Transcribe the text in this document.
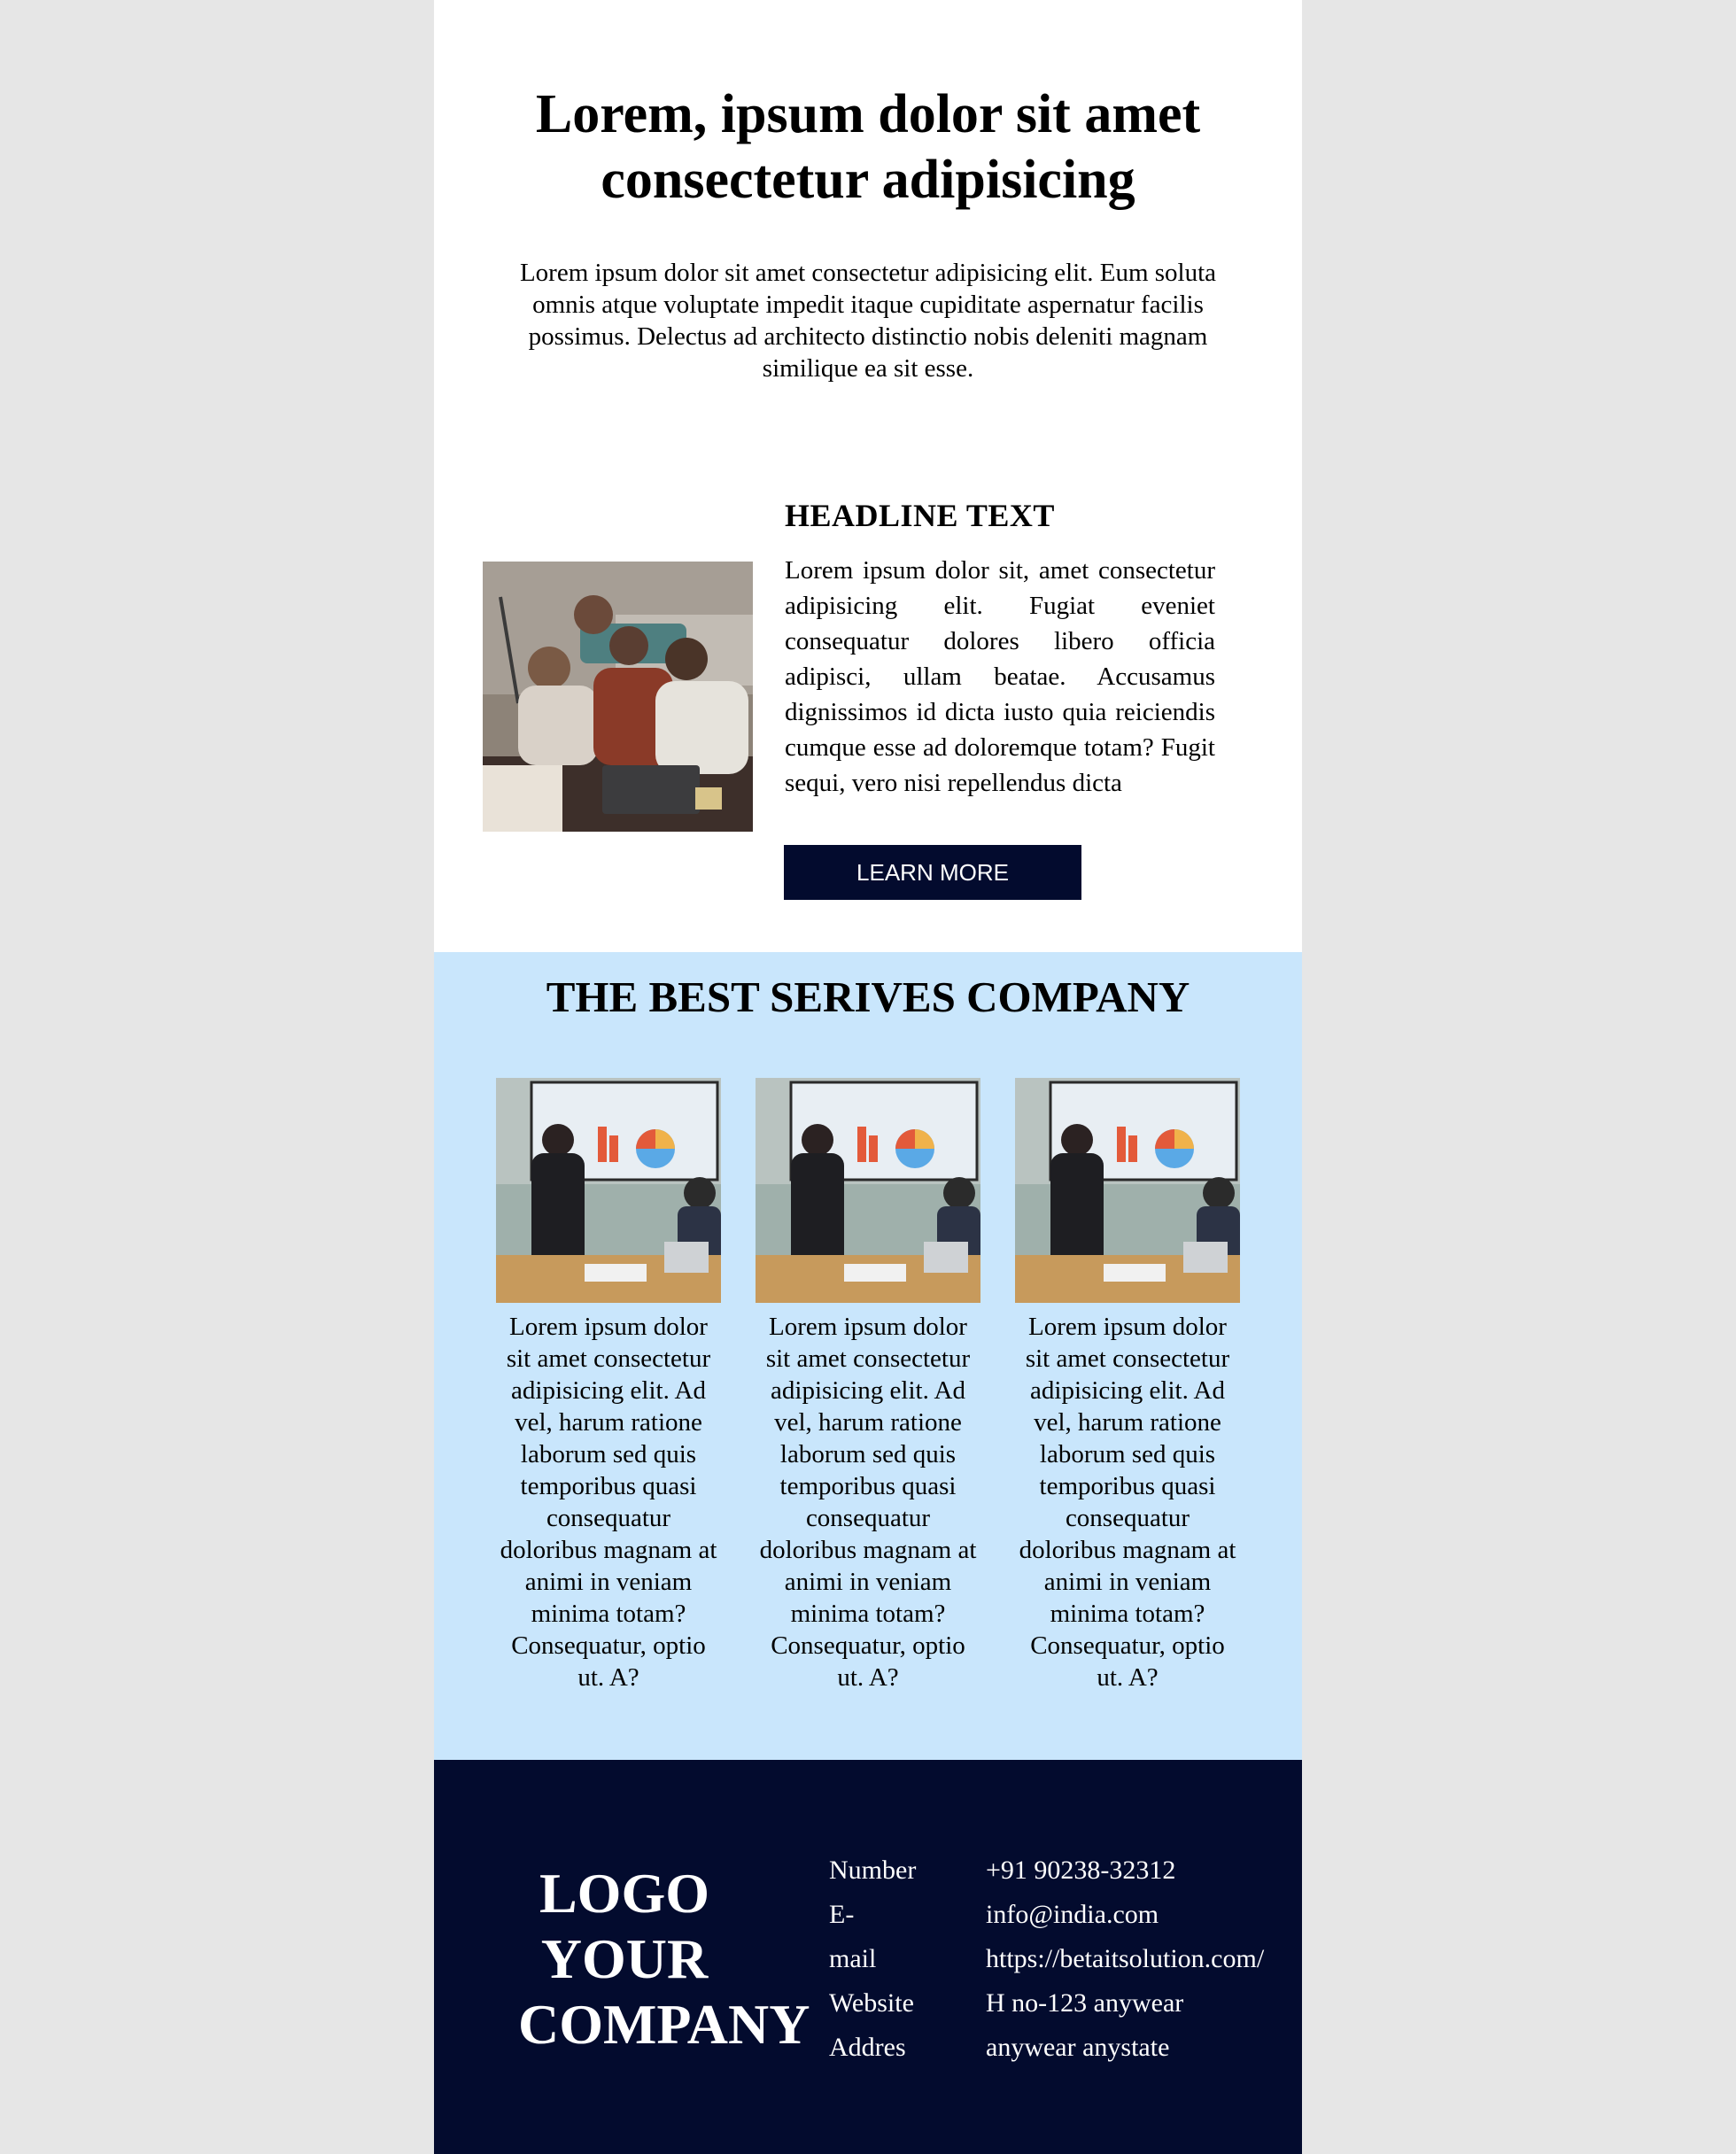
Lorem, ipsum dolor sit amet consectetur adipisicing

Lorem ipsum dolor sit amet consectetur adipisicing elit. Eum soluta omnis atque voluptate impedit itaque cupiditate aspernatur facilis possimus. Delectus ad architecto distinctio nobis deleniti magnam similique ea sit esse.

HEADLINE TEXT

Lorem ipsum dolor sit, amet consectetur adipisicing elit. Fugiat eveniet consequatur dolores libero officia adipisci, ullam beatae. Accusamus dignissimos id dicta iusto quia reiciendis cumque esse ad doloremque totam? Fugit sequi, vero nisi repellendus dicta

LEARN MORE
THE BEST SERIVES COMPANY

Lorem ipsum dolor sit amet consectetur adipisicing elit. Ad vel, harum ratione laborum sed quis temporibus quasi consequatur doloribus magnam at animi in veniam minima totam? Consequatur, optio ut. A?

Lorem ipsum dolor sit amet consectetur adipisicing elit. Ad vel, harum ratione laborum sed quis temporibus quasi consequatur doloribus magnam at animi in veniam minima totam? Consequatur, optio ut. A?

Lorem ipsum dolor sit amet consectetur adipisicing elit. Ad vel, harum ratione laborum sed quis temporibus quasi consequatur doloribus magnam at animi in veniam minima totam? Consequatur, optio ut. A?

LOGO
YOUR
COMPANY
Number
E-
mail
Website
Addres
+91 90238-32312
info@india.com
https://betaitsolution.com/
H no-123 anywear
anywear anystate
